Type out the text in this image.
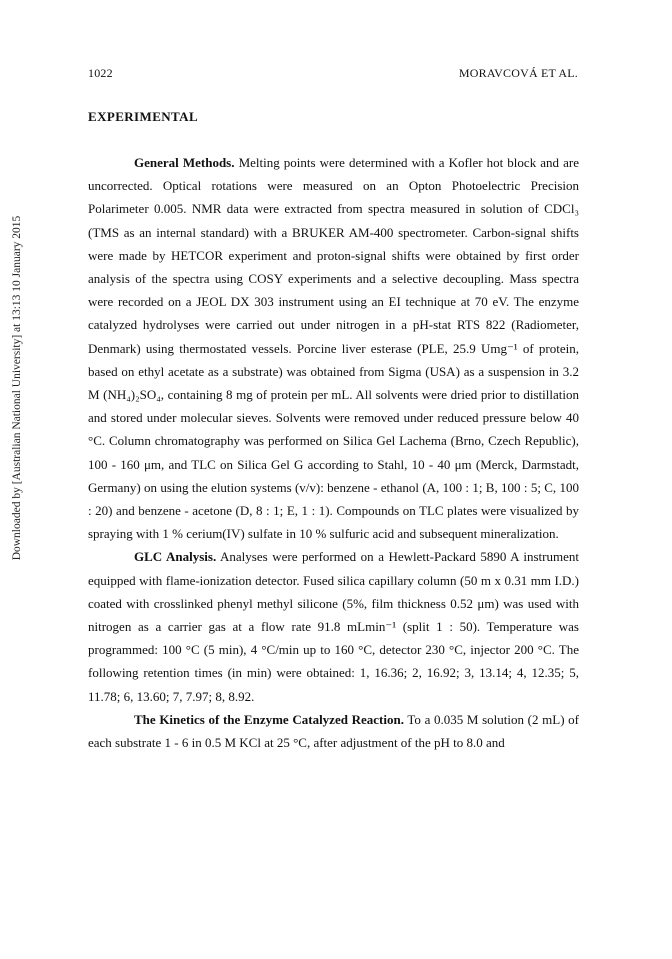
1022	MORAVCOVÁ ET AL.
Downloaded by [Australian National University] at 13:13 10 January 2015
EXPERIMENTAL

General Methods. Melting points were determined with a Kofler hot block and are uncorrected. Optical rotations were measured on an Opton Photoelectric Precision Polarimeter 0.005. NMR data were extracted from spectra measured in solution of CDCl₃ (TMS as an internal standard) with a BRUKER AM-400 spectrometer. Carbon-signal shifts were made by HETCOR experiment and proton-signal shifts were obtained by first order analysis of the spectra using COSY experiments and a selective decoupling. Mass spectra were recorded on a JEOL DX 303 instrument using an EI technique at 70 eV. The enzyme catalyzed hydrolyses were carried out under nitrogen in a pH-stat RTS 822 (Radiometer, Denmark) using thermostated vessels. Porcine liver esterase (PLE, 25.9 Umg⁻¹ of protein, based on ethyl acetate as a substrate) was obtained from Sigma (USA) as a suspension in 3.2 M (NH₄)₂SO₄, containing 8 mg of protein per mL. All solvents were dried prior to distillation and stored under molecular sieves. Solvents were removed under reduced pressure below 40 °C. Column chromatography was performed on Silica Gel Lachema (Brno, Czech Republic), 100 - 160 μm, and TLC on Silica Gel G according to Stahl, 10 - 40 μm (Merck, Darmstadt, Germany) on using the elution systems (v/v): benzene - ethanol (A, 100 : 1; B, 100 : 5; C, 100 : 20) and benzene - acetone (D, 8 : 1; E, 1 : 1). Compounds on TLC plates were visualized by spraying with 1 % cerium(IV) sulfate in 10 % sulfuric acid and subsequent mineralization.

GLC Analysis. Analyses were performed on a Hewlett-Packard 5890 A instrument equipped with flame-ionization detector. Fused silica capillary column (50 m x 0.31 mm I.D.) coated with crosslinked phenyl methyl silicone (5%, film thickness 0.52 μm) was used with nitrogen as a carrier gas at a flow rate 91.8 mLmin⁻¹ (split 1 : 50). Temperature was programmed: 100 °C (5 min), 4 °C/min up to 160 °C, detector 230 °C, injector 200 °C. The following retention times (in min) were obtained: 1, 16.36; 2, 16.92; 3, 13.14; 4, 12.35; 5, 11.78; 6, 13.60; 7, 7.97; 8, 8.92.

The Kinetics of the Enzyme Catalyzed Reaction. To a 0.035 M solution (2 mL) of each substrate 1 - 6 in 0.5 M KCl at 25 °C, after adjustment of the pH to 8.0 and
